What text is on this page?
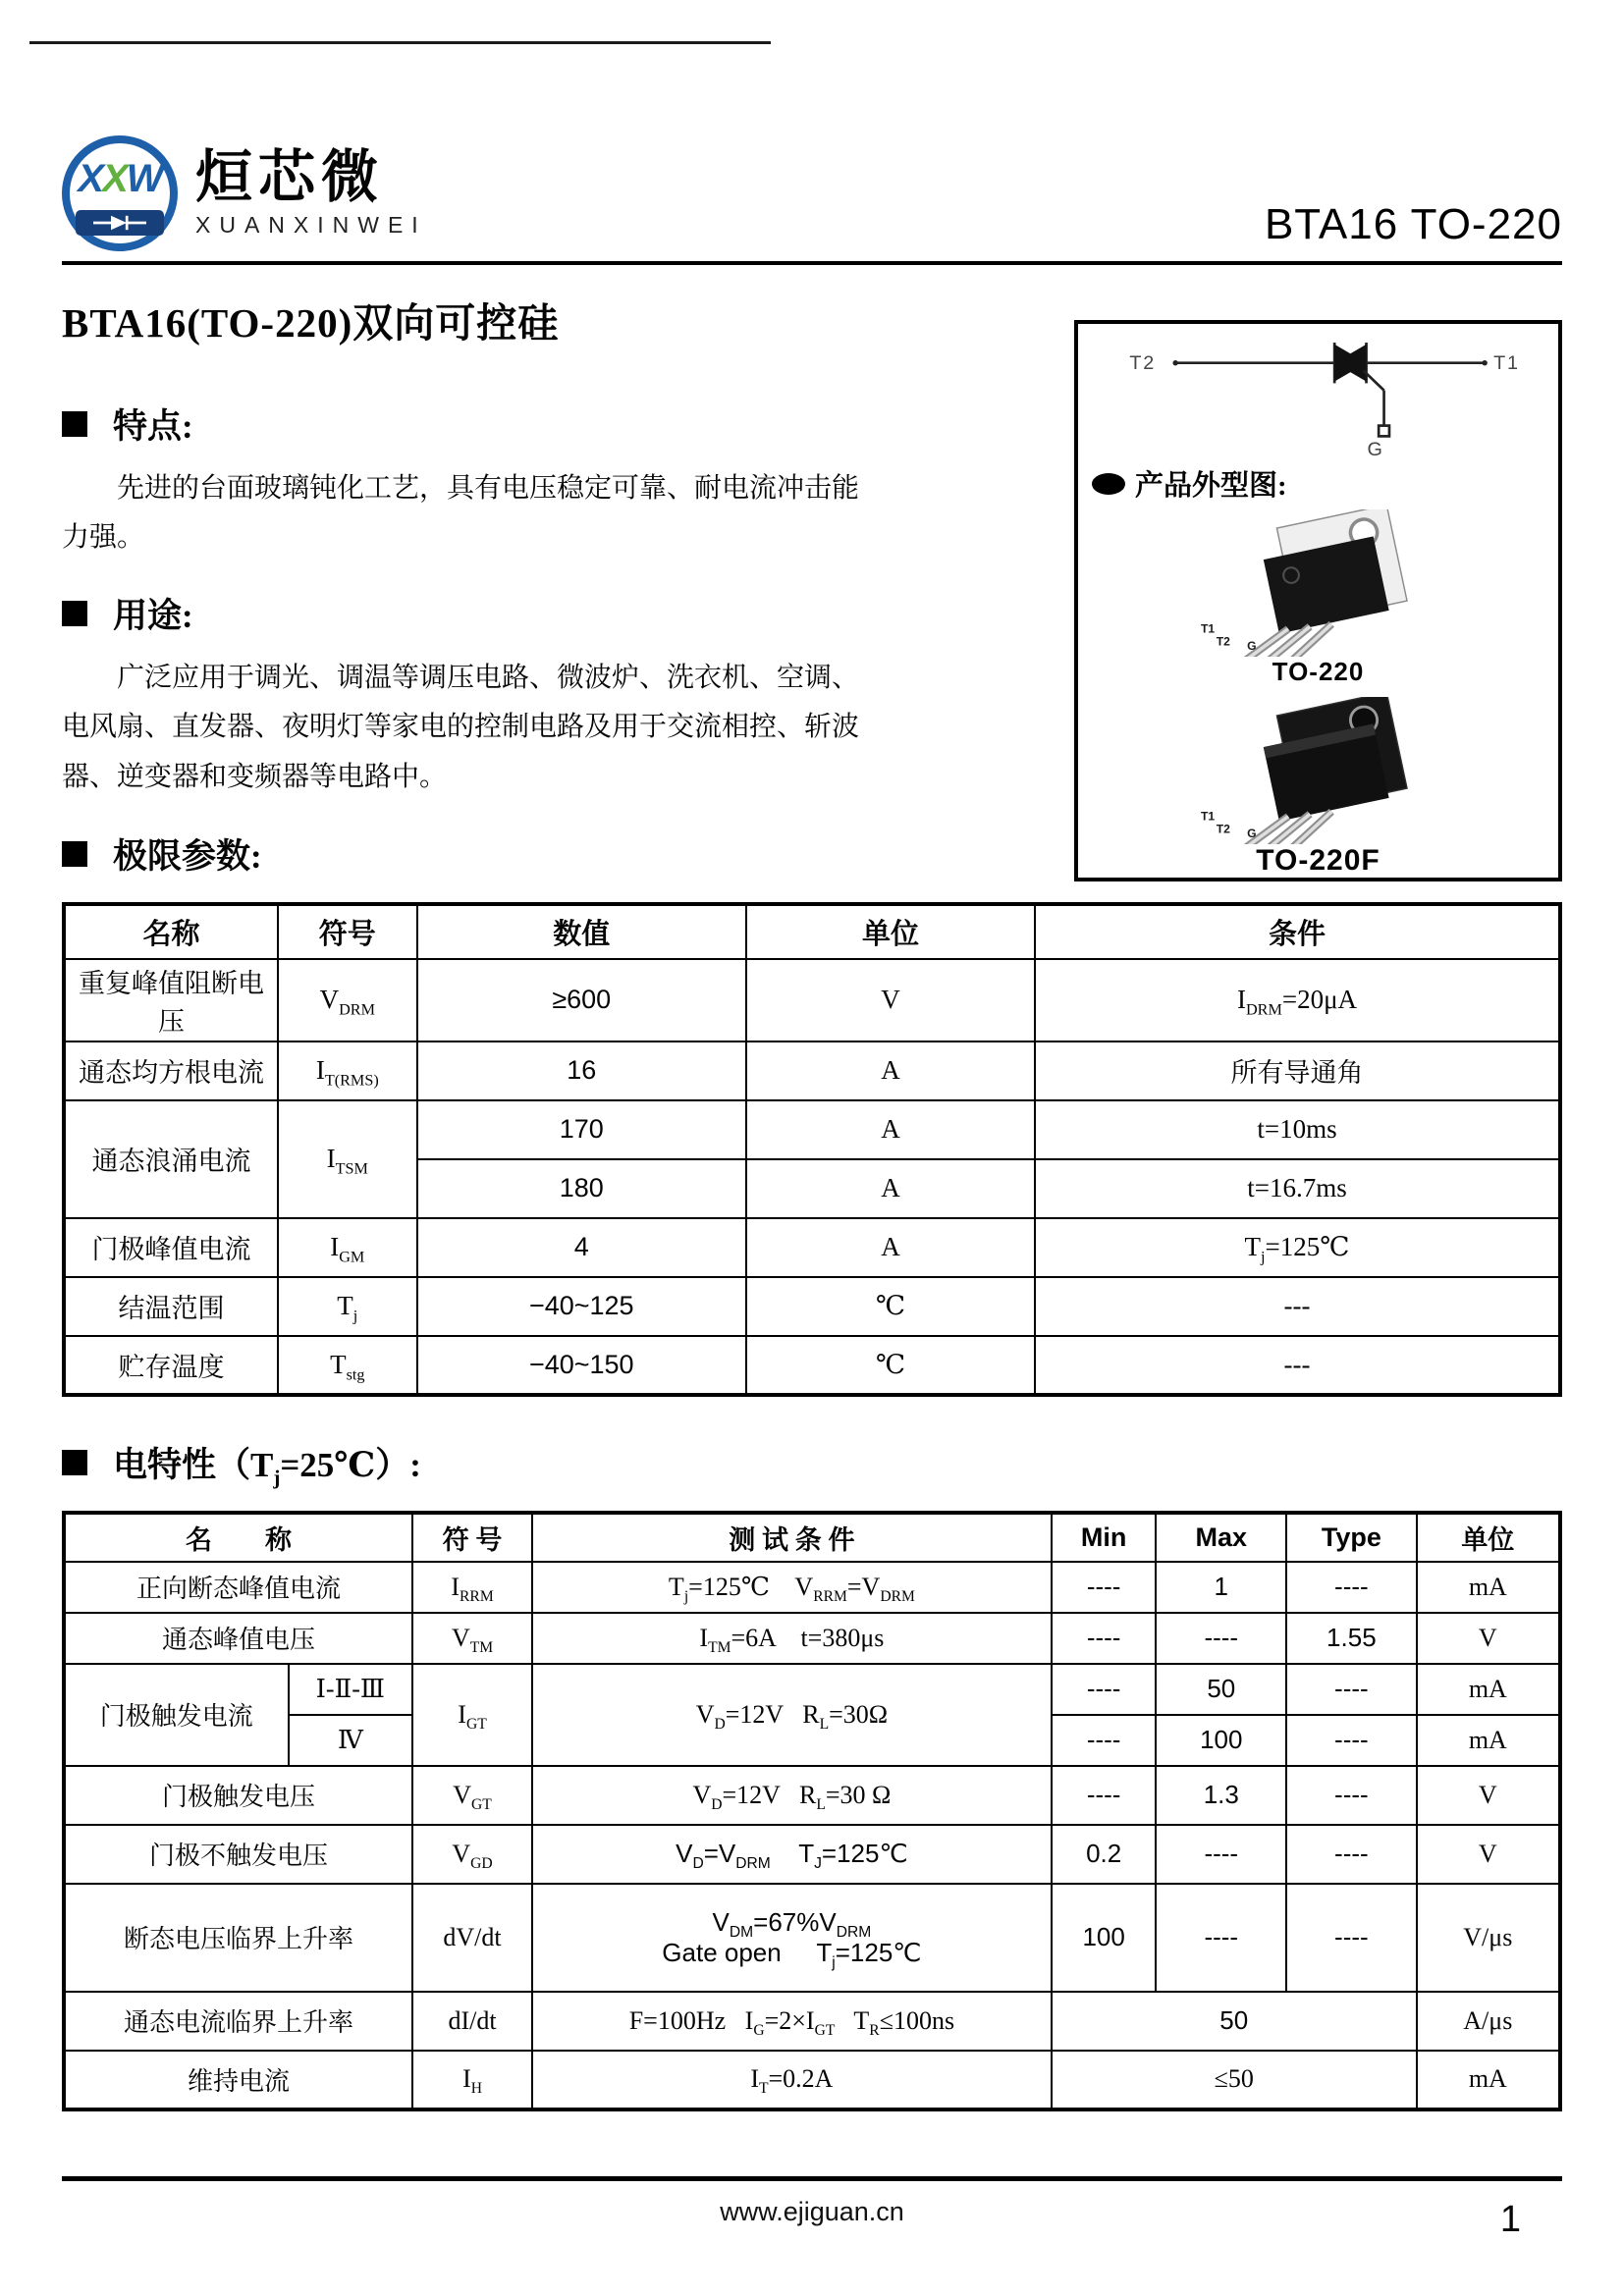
XXW 烜芯微
XUANXINWEI	BTA16 TO-220
T2	T1
G
产品外型图:
T1
T2 G
TO-220
T1
T2 G
TO-220F
BTA16(TO-220)双向可控硅
特点:

先进的台面玻璃钝化工艺，具有电压稳定可靠、耐电流冲击能力强。

用途:

广泛应用于调光、调温等调压电路、微波炉、洗衣机、空调、电风扇、直发器、夜明灯等家电的控制电路及用于交流相控、斩波器、逆变器和变频器等电路中。

极限参数:
名称	符号	数值	单位	条件
重复峰值阻断电压	$V_{DRM}$	≥600	V	$I_{DRM}=20\mu A$
通态均方根电流	$I_{T(RMS)}$	16	A	所有导通角
通态浪涌电流	$I_{TSM}$	170	A	t=10ms
		180	A	t=16.7ms
门极峰值电流	$I_{GM}$	4	A	$T_j=125℃$
结温范围	$T_j$	−40~125	℃	---
贮存温度	$T_{stg}$	−40~150	℃	---
电特性$(T_j=25℃)$:
名　　称		符 号	测 试 条 件	Min	Max	Type	单位
正向断态峰值电流		$I_{RRM}$	$T_j=125℃$    $V_{RRM}=V_{DRM}$	----	1	----	mA
通态峰值电压		$V_{TM}$	$I_{TM}=6A$    t=380μs	----	----	1.55	V
门极触发电流	Ⅰ-Ⅱ-Ⅲ	$I_{GT}$	$V_D=12V$   $R_L=30\Omega$	----	50	----	mA
	Ⅳ			----	100	----	mA
门极触发电压		$V_{GT}$	$V_D=12V$   $R_L=30$ Ω	----	1.3	----	V
门极不触发电压		$V_{GD}$	$V_D=V_{DRM}$    $T_J=125℃$	0.2	----	----	V
断态电压临界上升率		dV/dt	$V_{DM}=67\%V_{DRM}$
Gate open     $T_j=125℃$	100	----	----	V/μs
通态电流临界上升率		dI/dt	F=100Hz   $I_G=2\times I_{GT}$   $T_R\le 100ns$	50			A/μs
维持电流		$I_H$	$I_T=0.2A$	≤50			mA
www.ejiguan.cn	1
